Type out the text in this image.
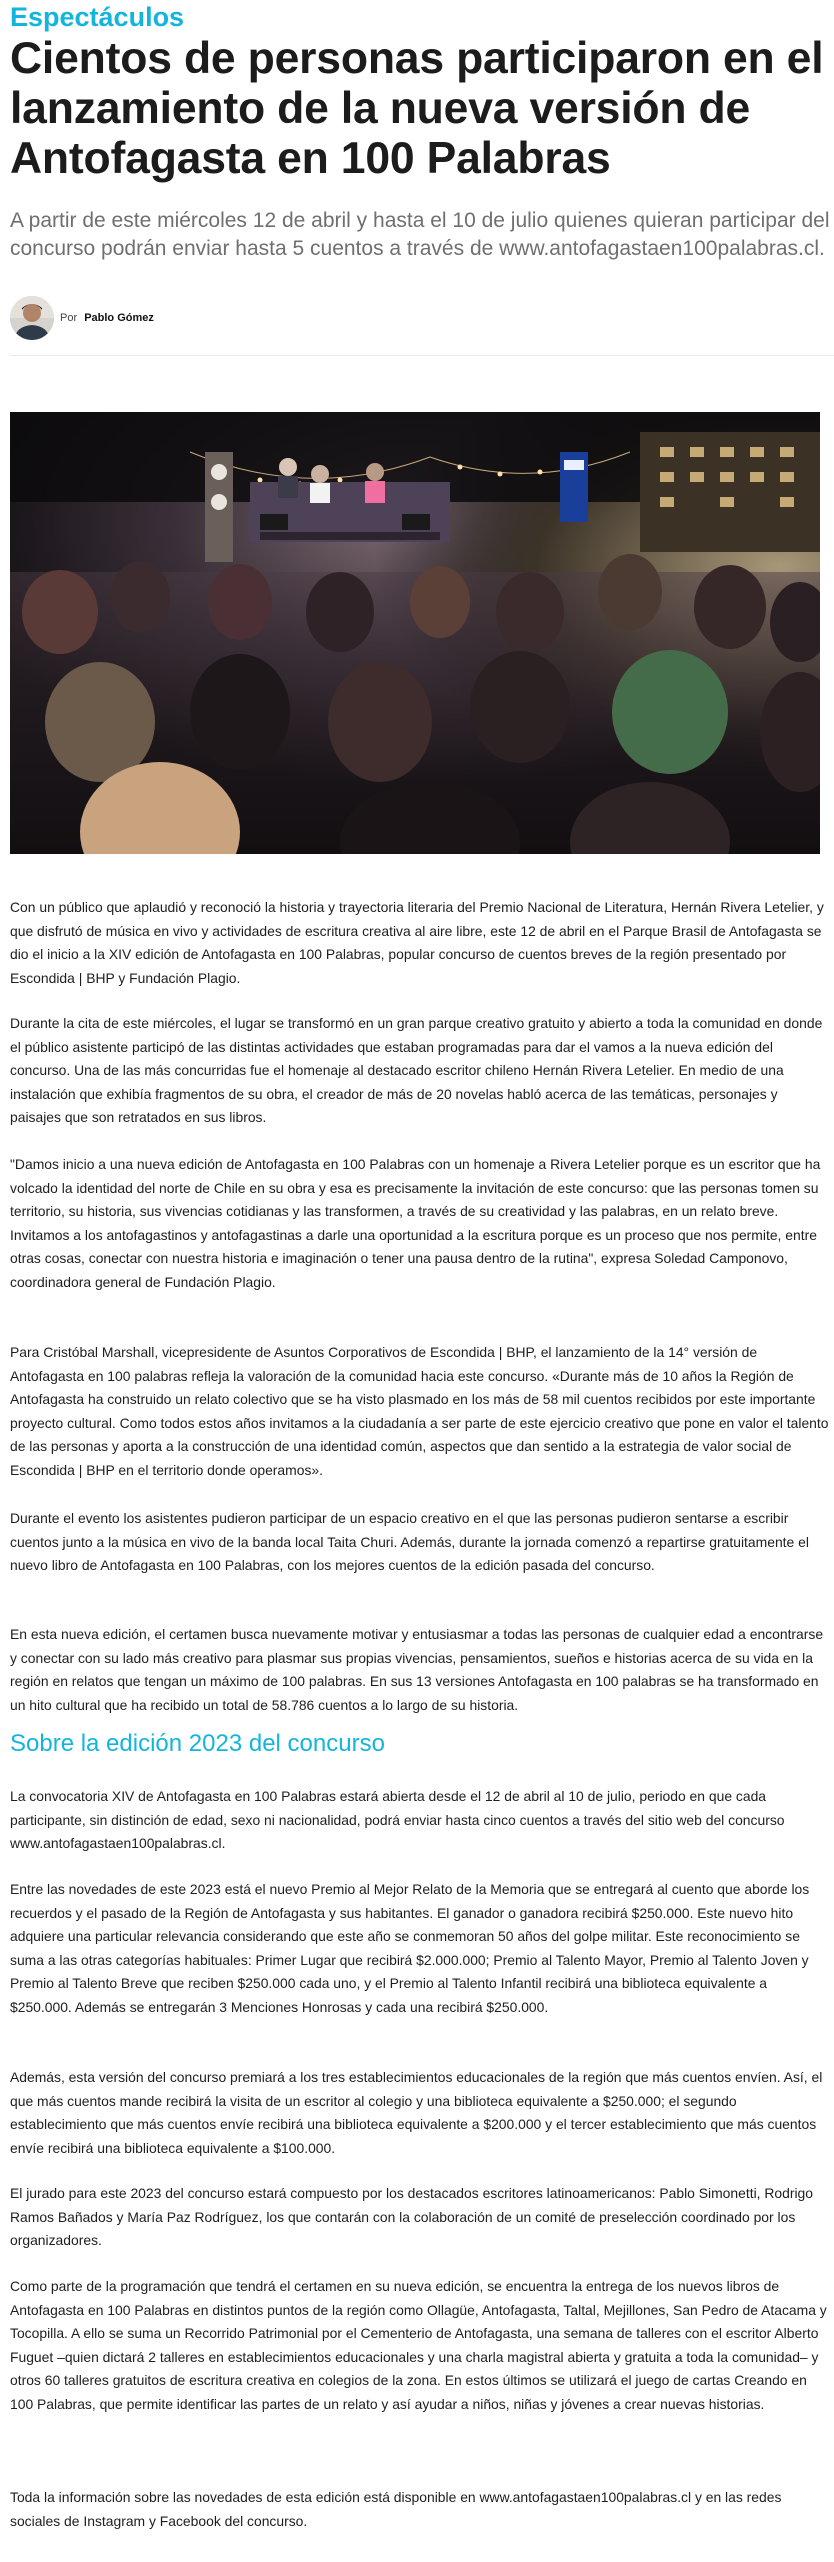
Espectáculos
Cientos de personas participaron en el lanzamiento de la nueva versión de Antofagasta en 100 Palabras

A partir de este miércoles 12 de abril y hasta el 10 de julio quienes quieran participar del concurso podrán enviar hasta 5 cuentos a través de www.antofagastaen100palabras.cl.

Por Pablo Gómez

Con un público que aplaudió y reconoció la historia y trayectoria literaria del Premio Nacional de Literatura, Hernán Rivera Letelier, y que disfrutó de música en vivo y actividades de escritura creativa al aire libre, este 12 de abril en el Parque Brasil de Antofagasta se dio el inicio a la XIV edición de Antofagasta en 100 Palabras, popular concurso de cuentos breves de la región presentado por Escondida | BHP y Fundación Plagio.

Durante la cita de este miércoles, el lugar se transformó en un gran parque creativo gratuito y abierto a toda la comunidad en donde el público asistente participó de las distintas actividades que estaban programadas para dar el vamos a la nueva edición del concurso. Una de las más concurridas fue el homenaje al destacado escritor chileno Hernán Rivera Letelier. En medio de una instalación que exhibía fragmentos de su obra, el creador de más de 20 novelas habló acerca de las temáticas, personajes y paisajes que son retratados en sus libros.

"Damos inicio a una nueva edición de Antofagasta en 100 Palabras con un homenaje a Rivera Letelier porque es un escritor que ha volcado la identidad del norte de Chile en su obra y esa es precisamente la invitación de este concurso: que las personas tomen su territorio, su historia, sus vivencias cotidianas y las transformen, a través de su creatividad y las palabras, en un relato breve. Invitamos a los antofagastinos y antofagastinas a darle una oportunidad a la escritura porque es un proceso que nos permite, entre otras cosas, conectar con nuestra historia e imaginación o tener una pausa dentro de la rutina", expresa Soledad Camponovo, coordinadora general de Fundación Plagio.

Para Cristóbal Marshall, vicepresidente de Asuntos Corporativos de Escondida | BHP, el lanzamiento de la 14° versión de Antofagasta en 100 palabras refleja la valoración de la comunidad hacia este concurso. «Durante más de 10 años la Región de Antofagasta ha construido un relato colectivo que se ha visto plasmado en los más de 58 mil cuentos recibidos por este importante proyecto cultural. Como todos estos años invitamos a la ciudadanía a ser parte de este ejercicio creativo que pone en valor el talento de las personas y aporta a la construcción de una identidad común, aspectos que dan sentido a la estrategia de valor social de Escondida | BHP en el territorio donde operamos».

Durante el evento los asistentes pudieron participar de un espacio creativo en el que las personas pudieron sentarse a escribir cuentos junto a la música en vivo de la banda local Taita Churi. Además, durante la jornada comenzó a repartirse gratuitamente el nuevo libro de Antofagasta en 100 Palabras, con los mejores cuentos de la edición pasada del concurso.

En esta nueva edición, el certamen busca nuevamente motivar y entusiasmar a todas las personas de cualquier edad a encontrarse y conectar con su lado más creativo para plasmar sus propias vivencias, pensamientos, sueños e historias acerca de su vida en la región en relatos que tengan un máximo de 100 palabras. En sus 13 versiones Antofagasta en 100 palabras se ha transformado en un hito cultural que ha recibido un total de 58.786 cuentos a lo largo de su historia.

Sobre la edición 2023 del concurso

La convocatoria XIV de Antofagasta en 100 Palabras estará abierta desde el 12 de abril al 10 de julio, periodo en que cada participante, sin distinción de edad, sexo ni nacionalidad, podrá enviar hasta cinco cuentos a través del sitio web del concurso www.antofagastaen100palabras.cl.

Entre las novedades de este 2023 está el nuevo Premio al Mejor Relato de la Memoria que se entregará al cuento que aborde los recuerdos y el pasado de la Región de Antofagasta y sus habitantes. El ganador o ganadora recibirá $250.000. Este nuevo hito adquiere una particular relevancia considerando que este año se conmemoran 50 años del golpe militar. Este reconocimiento se suma a las otras categorías habituales: Primer Lugar que recibirá $2.000.000; Premio al Talento Mayor, Premio al Talento Joven y Premio al Talento Breve que reciben $250.000 cada uno, y el Premio al Talento Infantil recibirá una biblioteca equivalente a $250.000. Además se entregarán 3 Menciones Honrosas y cada una recibirá $250.000.

Además, esta versión del concurso premiará a los tres establecimientos educacionales de la región que más cuentos envíen. Así, el que más cuentos mande recibirá la visita de un escritor al colegio y una biblioteca equivalente a $250.000; el segundo establecimiento que más cuentos envíe recibirá una biblioteca equivalente a $200.000 y el tercer establecimiento que más cuentos envíe recibirá una biblioteca equivalente a $100.000.

El jurado para este 2023 del concurso estará compuesto por los destacados escritores latinoamericanos: Pablo Simonetti, Rodrigo Ramos Bañados y María Paz Rodríguez, los que contarán con la colaboración de un comité de preselección coordinado por los organizadores.

Como parte de la programación que tendrá el certamen en su nueva edición, se encuentra la entrega de los nuevos libros de Antofagasta en 100 Palabras en distintos puntos de la región como Ollagüe, Antofagasta, Taltal, Mejillones, San Pedro de Atacama y Tocopilla. A ello se suma un Recorrido Patrimonial por el Cementerio de Antofagasta, una semana de talleres con el escritor Alberto Fuguet –quien dictará 2 talleres en establecimientos educacionales y una charla magistral abierta y gratuita a toda la comunidad– y otros 60 talleres gratuitos de escritura creativa en colegios de la zona. En estos últimos se utilizará el juego de cartas Creando en 100 Palabras, que permite identificar las partes de un relato y así ayudar a niños, niñas y jóvenes a crear nuevas historias.

Toda la información sobre las novedades de esta edición está disponible en www.antofagastaen100palabras.cl y en las redes sociales de Instagram y Facebook del concurso.
